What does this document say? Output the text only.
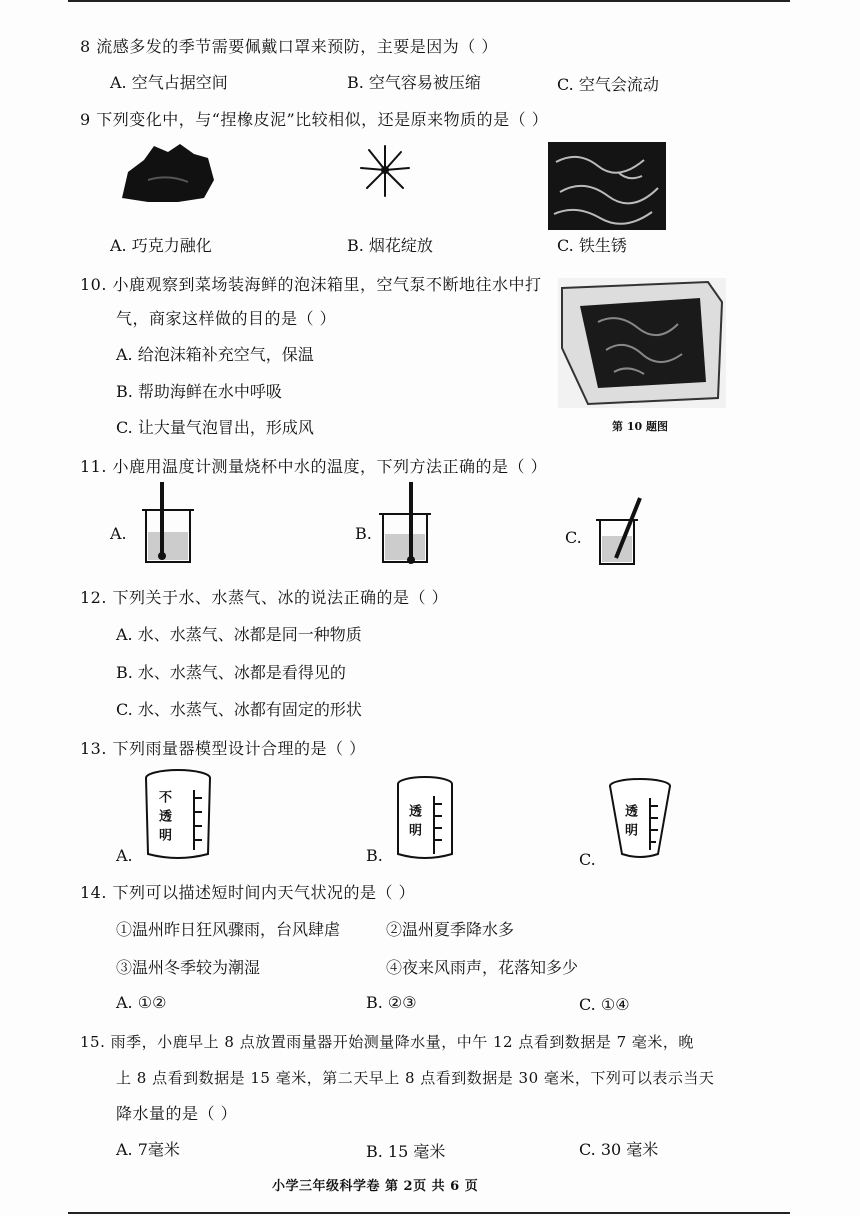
8 流感多发的季节需要佩戴口罩来预防，主要是因为（ ）
A. 空气占据空间	B. 空气容易被压缩	C. 空气会流动
9 下列变化中，与“捏橡皮泥”比较相似，还是原来物质的是（ ）
A. 巧克力融化	B. 烟花绽放	C. 铁生锈
10. 小鹿观察到菜场装海鲜的泡沫箱里，空气泵不断地往水中打
气，商家这样做的目的是（ ）
A. 给泡沫箱补充空气，保温
B. 帮助海鲜在水中呼吸
C. 让大量气泡冒出，形成风	第 10 题图
11. 小鹿用温度计测量烧杯中水的温度，下列方法正确的是（ ）
A.	B.	C.
12. 下列关于水、水蒸气、冰的说法正确的是（ ）
A. 水、水蒸气、冰都是同一种物质
B. 水、水蒸气、冰都是看得见的
C. 水、水蒸气、冰都有固定的形状
13. 下列雨量器模型设计合理的是（ ）
不透明
A.
透明
B.
透明
C.
14. 下列可以描述短时间内天气状况的是（ ）
①温州昨日狂风骤雨，台风肆虐	②温州夏季降水多
③温州冬季较为潮湿	④夜来风雨声，花落知多少
A. ①②	B. ②③	C. ①④
15. 雨季，小鹿早上 8 点放置雨量器开始测量降水量，中午 12 点看到数据是 7 毫米，晚
上 8 点看到数据是 15 毫米，第二天早上 8 点看到数据是 30 毫米，下列可以表示当天
降水量的是（ ）
A. 7毫米	B. 15 毫米	C. 30 毫米
小学三年级科学卷 第 2页 共 6 页
